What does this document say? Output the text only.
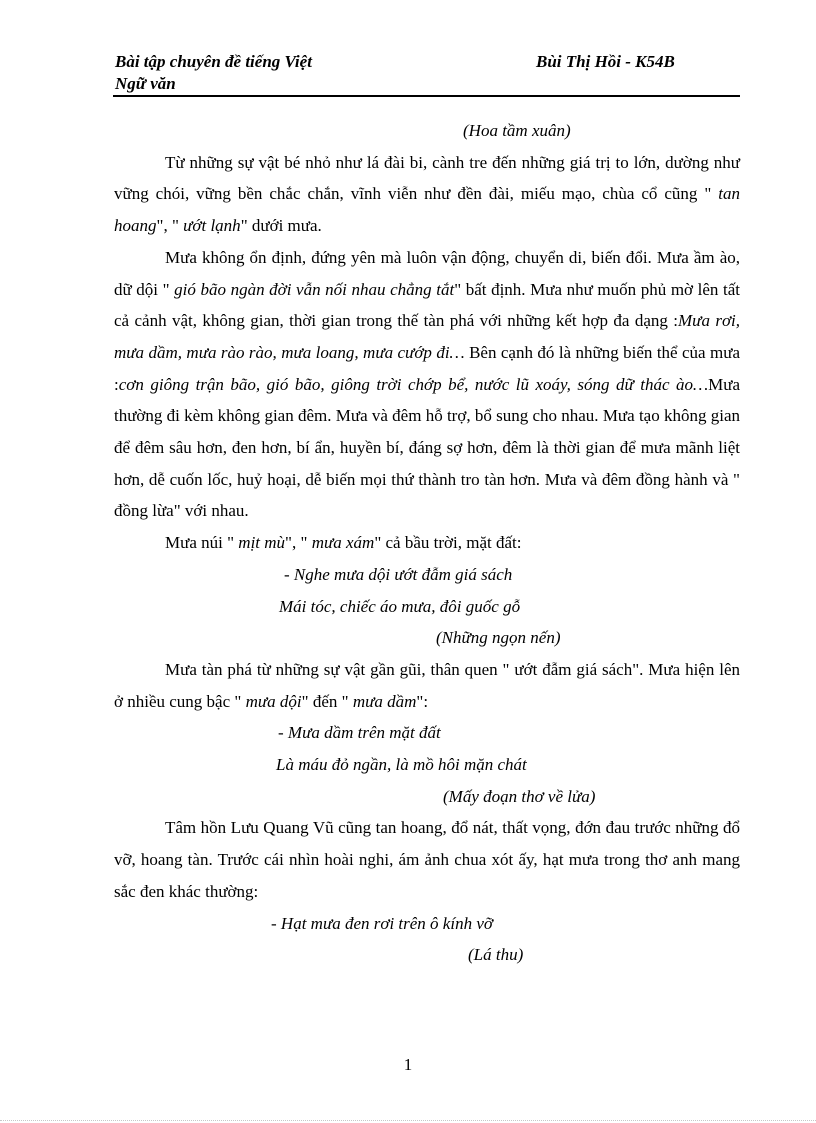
Bài tập chuyên đề tiếng Việt
Ngữ văn
Bùi Thị Hồi - K54B

(Hoa tầm xuân)

Từ những sự vật bé nhỏ như lá đài bi, cành tre đến những giá trị to lớn, dường như vững chói, vững bền chắc chắn, vĩnh viễn như đền đài, miếu mạo, chùa cổ cũng " tan hoang", " ướt lạnh" dưới mưa.

Mưa không ổn định, đứng yên mà luôn vận động, chuyển di, biến đổi. Mưa ầm ào, dữ dội " gió bão ngàn đời vẫn nối nhau chẳng tắt" bất định. Mưa như muốn phủ mờ lên tất cả cảnh vật, không gian, thời gian trong thế tàn phá với những kết hợp đa dạng :Mưa rơi, mưa dầm, mưa rào rào, mưa loang, mưa cướp đi… Bên cạnh đó là những biến thể của mưa :cơn giông trận bão, gió bão, giông trời chớp bể, nước lũ xoáy, sóng dữ thác ào…Mưa thường đi kèm không gian đêm. Mưa và đêm hỗ trợ, bổ sung cho nhau. Mưa tạo không gian để đêm sâu hơn, đen hơn, bí ẩn, huyền bí, đáng sợ hơn, đêm là thời gian để mưa mãnh liệt hơn, dễ cuốn lốc, huỷ hoại, dễ biến mọi thứ thành tro tàn hơn. Mưa và đêm đồng hành và " đồng lừa" với nhau.

Mưa núi " mịt mù", " mưa xám" cả bầu trời, mặt đất:

- Nghe mưa dội ướt đẫm giá sách

Mái tóc, chiếc áo mưa, đôi guốc gỗ

(Những ngọn nến)

Mưa tàn phá từ những sự vật gần gũi, thân quen " ướt đẫm giá sách". Mưa hiện lên ở nhiều cung bậc " mưa dội" đến " mưa dầm":

- Mưa dầm trên mặt đất

Là máu đỏ ngần, là mồ hôi mặn chát

(Mấy đoạn thơ về lửa)

Tâm hồn Lưu Quang Vũ cũng tan hoang, đổ nát, thất vọng, đớn đau trước những đổ vỡ, hoang tàn. Trước cái nhìn hoài nghi, ám ảnh chua xót ấy, hạt mưa trong thơ anh mang sắc đen khác thường:

- Hạt mưa đen rơi trên ô kính vỡ

(Lá thu)

1
